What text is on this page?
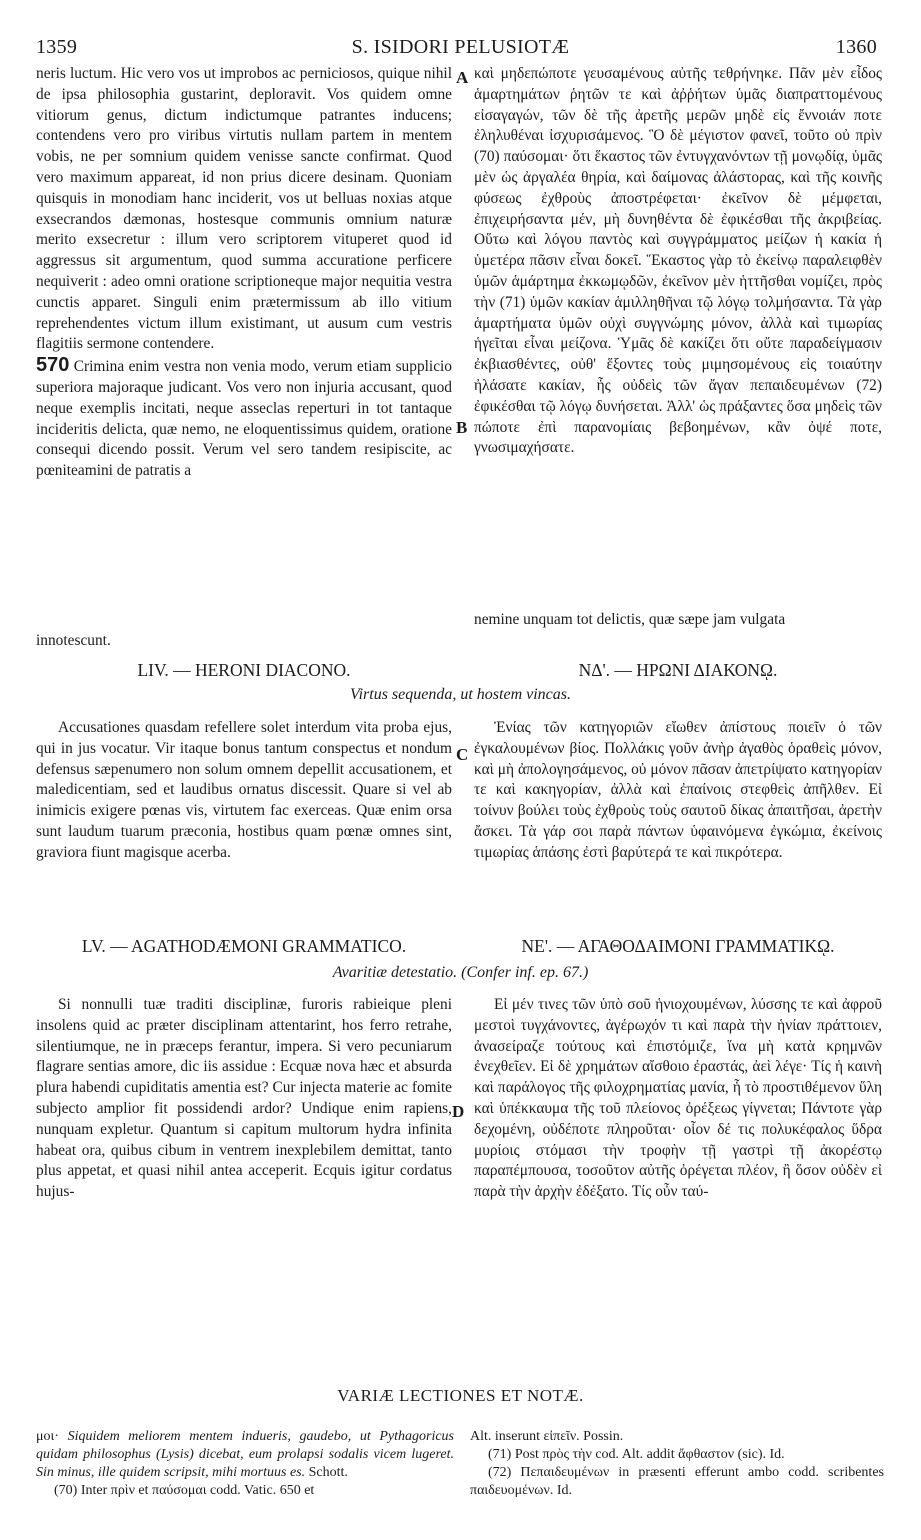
1359	S. ISIDORI PELUSIOTÆ	1360

neris luctum. Hic vero vos ut improbos ac perniciosos, quique nihil de ipsa philosophia gustarint, deploravit. Vos quidem omne vitiorum genus, dictum indictumque patrantes inducens; contendens vero pro viribus virtutis nullam partem in mentem vobis, ne per somnium quidem venisse sancte confirmat. Quod vero maximum appareat, id non prius dicere desinam. Quoniam quisquis in monodiam hanc inciderit, vos ut belluas noxias atque exsecrandos dæmonas, hostesque communis omnium naturæ merito exsecretur : illum vero scriptorem vituperet quod id aggressus sit argumentum, quod summa accuratione perficere nequiverit : adeo omni oratione scriptioneque major nequitia vestra cunctis apparet. Singuli enim prætermissum ab illo vitium reprehendentes victum illum existimant, ut ausum cum vestris flagitiis sermone contendere.

570 Crimina enim vestra non venia modo, verum etiam supplicio superiora majoraque judicant. Vos vero non injuria accusant, quod neque exemplis incitati, neque asseclas reperturi in tot tantaque incideritis delicta, quæ nemo, ne eloquentissimus quidem, oratione consequi dicendo possit. Verum vel sero tandem resipiscite, ac pœniteamini de patratis a

καὶ μηδεπώποτε γευσαμένους αὐτῆς τεθρήνηκε. Πᾶν μὲν εἶδος ἁμαρτημάτων ῥητῶν τε καὶ ἀῤῥήτων ὑμᾶς διαπραττομένους εἰσαγαγών, τῶν δὲ τῆς ἀρετῆς μερῶν μηδὲ εἰς ἔννοιάν ποτε ἐληλυθέναι ἰσχυρισάμενος. Ὃ δὲ μέγιστον φανεῖ, τοῦτο οὐ πρὶν (70) παύσομαι· ὅτι ἕκαστος τῶν ἐντυγχανόντων τῇ μονῳδίᾳ, ὑμᾶς μὲν ὡς ἀργαλέα θηρία, καὶ δαίμονας ἀλάστορας, καὶ τῆς κοινῆς φύσεως ἐχθροὺς ἀποστρέφεται· ἐκεῖνον δὲ μέμφεται, ἐπιχειρήσαντα μέν, μὴ δυνηθέντα δὲ ἐφικέσθαι τῆς ἀκριβείας. Οὕτω καὶ λόγου παντὸς καὶ συγγράμματος μείζων ἡ κακία ἡ ὑμετέρα πᾶσιν εἶναι δοκεῖ. Ἕκαστος γὰρ τὸ ἐκείνῳ παραλειφθὲν ὑμῶν ἁμάρτημα ἐκκωμῳδῶν, ἐκεῖνον μὲν ἡττῆσθαι νομίζει, πρὸς τὴν (71) ὑμῶν κακίαν ἁμιλληθῆναι τῷ λόγῳ τολμήσαντα. Τὰ γὰρ ἁμαρτήματα ὑμῶν οὐχὶ συγγνώμης μόνον, ἀλλὰ καὶ τιμωρίας ἡγεῖται εἶναι μείζονα. Ὑμᾶς δὲ κακίζει ὅτι οὔτε παραδείγμασιν ἐκβιασθέντες, οὐθ' ἕξοντες τοὺς μιμησομένους εἰς τοιαύτην ἠλάσατε κακίαν, ἧς οὐδεὶς τῶν ἄγαν πεπαιδευμένων (72) ἐφικέσθαι τῷ λόγῳ δυνήσεται. Ἀλλ' ὡς πράξαντες ὅσα μηδεὶς τῶν πώποτε ἐπὶ παρανομίαις βεβοημένων, κἂν ὀψέ ποτε, γνωσιμαχήσατε.

A
B
C
D
nemine unquam tot delictis, quæ sæpe jam vulgata
innotescunt.
LIV. — HERONI DIACONO.	ΝΔ'. — ΗΡΩΝΙ ΔΙΑΚΟΝῼ.
Virtus sequenda, ut hostem vincas.

Accusationes quasdam refellere solet interdum vita proba ejus, qui in jus vocatur. Vir itaque bonus tantum conspectus et nondum defensus sæpenumero non solum omnem depellit accusationem, et maledicentiam, sed et laudibus ornatus discessit. Quare si vel ab inimicis exigere pœnas vis, virtutem fac exerceas. Quæ enim orsa sunt laudum tuarum præconia, hostibus quam pœnæ omnes sint, graviora fiunt magisque acerba.

Ἐνίας τῶν κατηγοριῶν εἴωθεν ἀπίστους ποιεῖν ὁ τῶν ἐγκαλουμένων βίος. Πολλάκις γοῦν ἀνὴρ ἀγαθὸς ὁραθεὶς μόνον, καὶ μὴ ἀπολογησάμενος, οὐ μόνον πᾶσαν ἀπετρίψατο κατηγορίαν τε καὶ κακηγορίαν, ἀλλὰ καὶ ἐπαίνοις στεφθεὶς ἀπῆλθεν. Εἰ τοίνυν βούλει τοὺς ἐχθροὺς τοὺς σαυτοῦ δίκας ἀπαιτῆσαι, ἀρετὴν ἄσκει. Τὰ γάρ σοι παρὰ πάντων ὑφαινόμενα ἐγκώμια, ἐκείνοις τιμωρίας ἁπάσης ἐστὶ βαρύτερά τε καὶ πικρότερα.

LV. — AGATHODÆMONI GRAMMATICO.	ΝΕ'. — ΑΓΑΘΟΔΑΙΜΟΝΙ ΓΡΑΜΜΑΤΙΚῼ.
Avaritiæ detestatio. (Confer inf. ep. 67.)

Si nonnulli tuæ traditi disciplinæ, furoris rabieique pleni insolens quid ac præter disciplinam attentarint, hos ferro retrahe, silentiumque, ne in præceps ferantur, impera. Si vero pecuniarum flagrare sentias amore, dic iis assidue : Ecquæ nova hæc et absurda plura habendi cupiditatis amentia est? Cur injecta materie ac fomite subjecto amplior fit possidendi ardor? Undique enim rapiens, nunquam expletur. Quantum si capitum multorum hydra infinita habeat ora, quibus cibum in ventrem inexplebilem demittat, tanto plus appetat, et quasi nihil antea acceperit. Ecquis igitur cordatus hujus-

Εἰ μέν τινες τῶν ὑπὸ σοῦ ἡνιοχουμένων, λύσσης τε καὶ ἀφροῦ μεστοὶ τυγχάνοντες, ἀγέρωχόν τι καὶ παρὰ τὴν ἡνίαν πράττοιεν, ἀνασείραζε τούτους καὶ ἐπιστόμιζε, ἵνα μὴ κατὰ κρημνῶν ἐνεχθεῖεν. Εἰ δὲ χρημάτων αἴσθοιο ἐραστάς, ἀεὶ λέγε· Τίς ἡ καινὴ καὶ παράλογος τῆς φιλοχρηματίας μανία, ἧ τὸ προστιθέμενον ὕλη καὶ ὑπέκκαυμα τῆς τοῦ πλείονος ὀρέξεως γίγνεται; Πάντοτε γὰρ δεχομένη, οὐδέποτε πληροῦται· οἷον δέ τις πολυκέφαλος ὕδρα μυρίοις στόμασι τὴν τροφὴν τῇ γαστρὶ τῇ ἀκορέστῳ παραπέμπουσα, τοσοῦτον αὐτῆς ὀρέγεται πλέον, ἢ ὅσον οὐδὲν εἰ παρὰ τὴν ἀρχὴν ἐδέξατο. Τίς οὖν ταύ-

VARIÆ LECTIONES ET NOTÆ.

μοι· Siquidem meliorem mentem indueris, gaudebo, ut Pythagoricus quidam philosophus (Lysis) dicebat, eum prolapsi sodalis vicem lugeret. Sin minus, ille quidem scripsit, mihi mortuus es. Schott.

(70) Inter πρὶν et παύσομαι codd. Vatic. 650 et

Alt. inserunt εἰπεῖν. Possin.

(71) Post πρὸς τὴν cod. Alt. addit ἄφθαστον (sic). Id.

(72) Πεπαιδευμένων in præsenti efferunt ambo codd. scribentes παιδευομένων. Id.
